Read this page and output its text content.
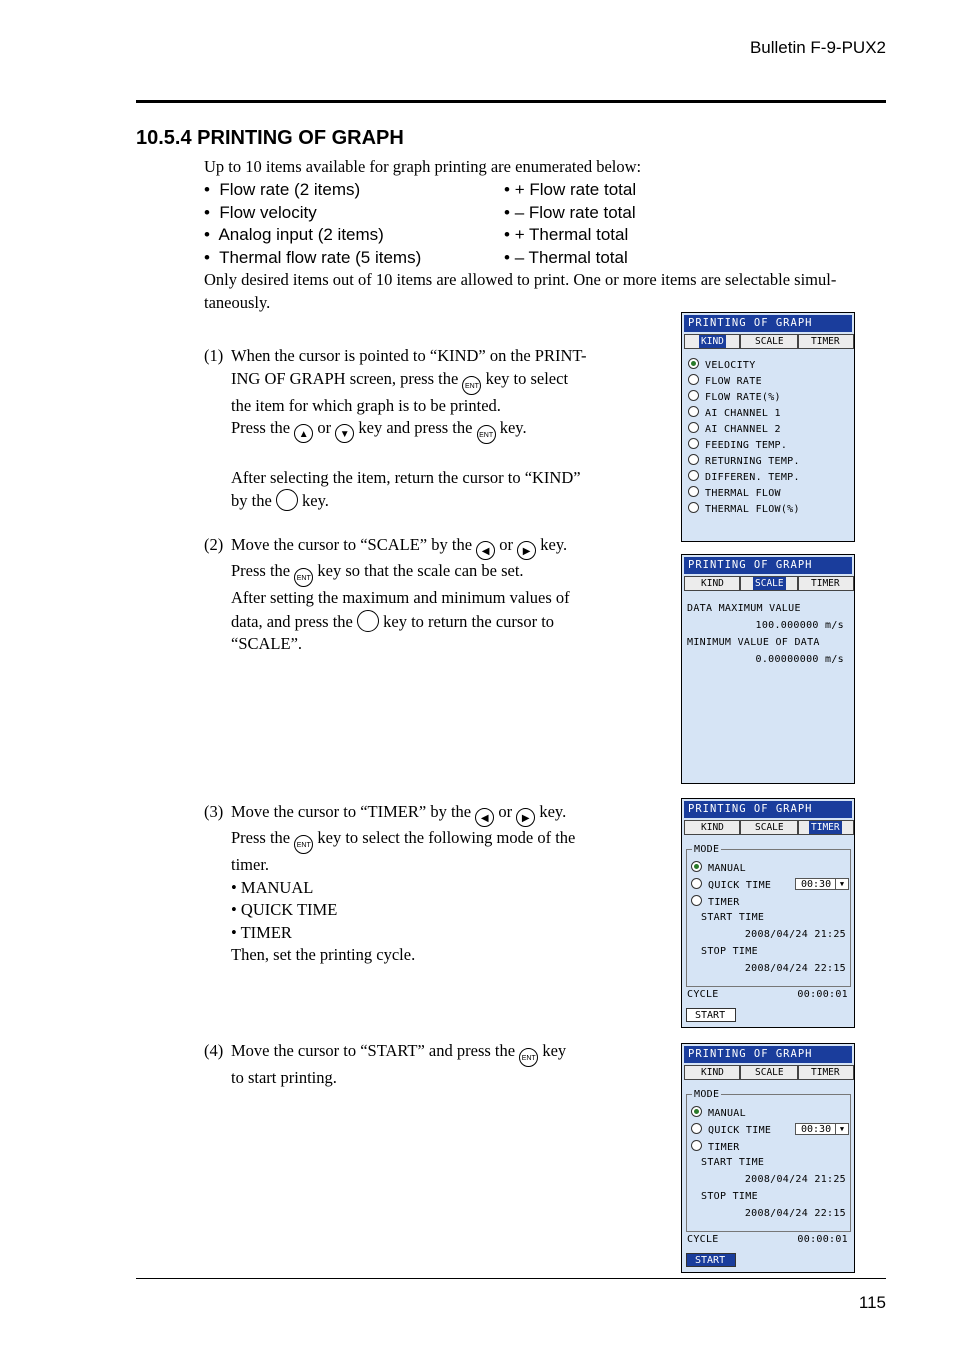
Bulletin F-9-PUX2
10.5.4 PRINTING OF GRAPH
Up to 10 items available for graph printing are enumerated below:
• Flow rate (2 items)
• Flow velocity
• Analog input (2 items)
• Thermal flow rate (5 items)
• + Flow rate total
• – Flow rate total
• + Thermal total
• – Thermal total
Only desired items out of 10 items are allowed to print. One or more items are selectable simul-
taneously.
(1) When the cursor is pointed to “KIND” on the PRINT-
ING OF GRAPH screen, press the ENT key to select
the item for which graph is to be printed.
Press the ▲ or ▼ key and press the ENT key.

After selecting the item, return the cursor to “KIND”
by the key.
(2) Move the cursor to “SCALE” by the ◀ or ▶ key.
Press the ENT key so that the scale can be set.
After setting the maximum and minimum values of
data, and press the key to return the cursor to
“SCALE”.
(3) Move the cursor to “TIMER” by the ◀ or ▶ key.
Press the ENT key to select the following mode of the
timer.
• MANUAL
• QUICK TIME
• TIMER
Then, set the printing cycle.
(4) Move the cursor to “START” and press the ENT key
to start printing.
PRINTING OF GRAPH
KIND	SCALE	TIMER
VELOCITY
FLOW RATE
FLOW RATE(%)
AI CHANNEL 1
AI CHANNEL 2
FEEDING TEMP.
RETURNING TEMP.
DIFFEREN. TEMP.
THERMAL FLOW
THERMAL FLOW(%)
PRINTING OF GRAPH
KIND	SCALE	TIMER
DATA MAXIMUM VALUE
100.000000 m/s
MINIMUM VALUE OF DATA
0.00000000 m/s
PRINTING OF GRAPH
KIND	SCALE	TIMER
MODE
MANUAL
QUICK TIME	00:30	▼
TIMER
START TIME
2008/04/24 21:25
STOP TIME
2008/04/24 22:15
CYCLE	00:00:01
START
PRINTING OF GRAPH
KIND	SCALE	TIMER
MODE
MANUAL
QUICK TIME	00:30	▼
TIMER
START TIME
2008/04/24 21:25
STOP TIME
2008/04/24 22:15
CYCLE	00:00:01
START
115
